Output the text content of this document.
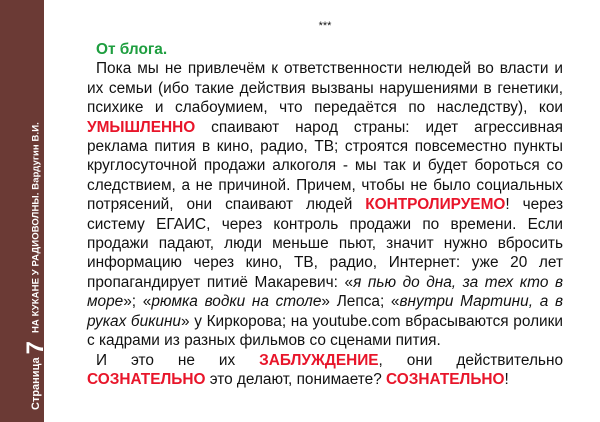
Страница7НА КУКАНЕ У РАДИОВОЛНЫ. Вардугин В.И.
***
От блога.

Пока мы не привлечём к ответственности нелюдей во власти и их семьи (ибо такие действия вызваны нарушениями в генетики, психике и слабоумием, что передаётся по наследству), кои УМЫШЛЕННО спаивают народ страны: идет агрессивная реклама пития в кино, радио, ТВ; строятся повсеместно пункты круглосуточной продажи алкоголя - мы так и будет бороться со следствием, а не причиной. Причем, чтобы не было социальных потрясений, они спаивают людей КОНТРОЛИРУЕМО! через систему ЕГАИС, через контроль продажи по времени. Если продажи падают, люди меньше пьют, значит нужно вбросить информацию через кино, ТВ, радио, Интернет: уже 20 лет пропагандирует питиё Макаревич: «я пью до дна, за тех кто в море»; «рюмка водки на столе» Лепса; «внутри Мартини, а в руках бикини» у Киркорова; на youtube.com вбрасываются ролики с кадрами из разных фильмов со сценами пития.

И это не их ЗАБЛУЖДЕНИЕ, они действительно СОЗНАТЕЛЬНО это делают, понимаете? СОЗНАТЕЛЬНО!
